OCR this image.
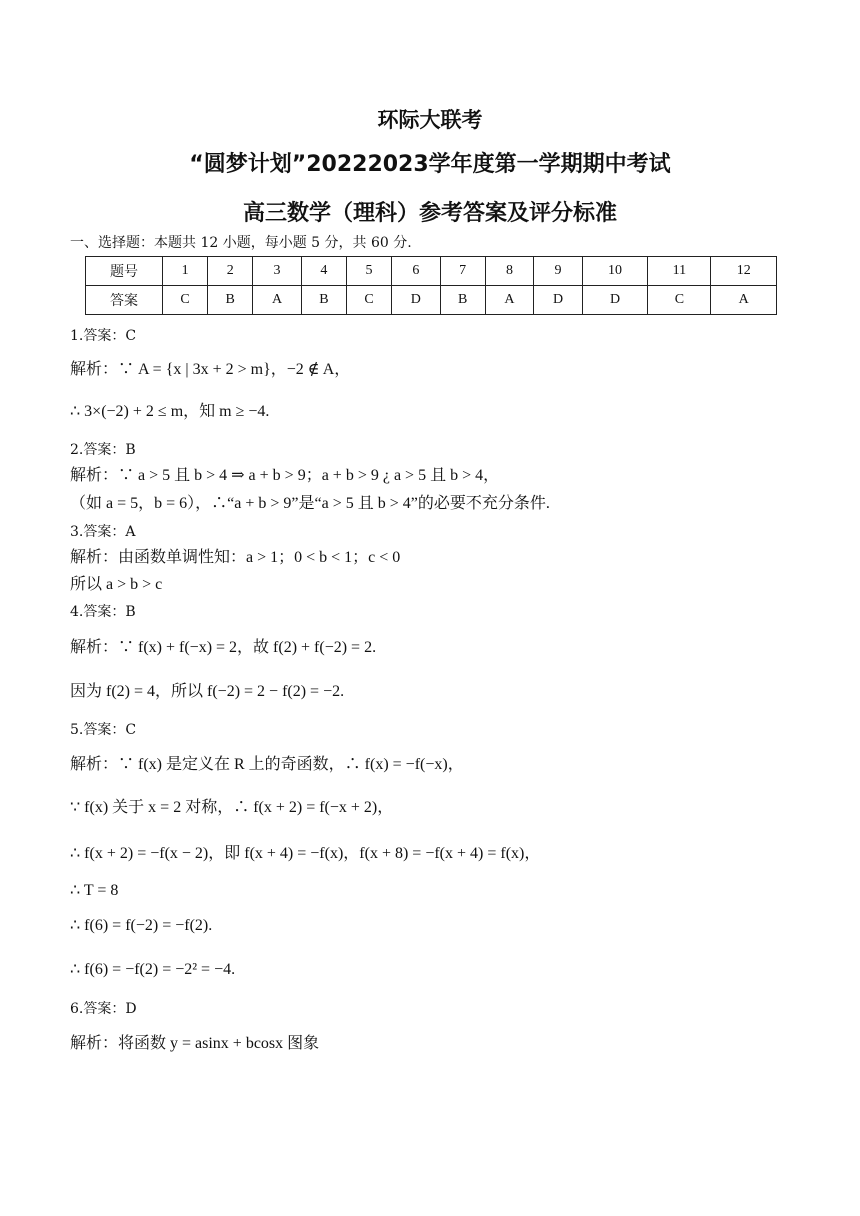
环际大联考
“圆梦计划”20222023学年度第一学期期中考试
高三数学（理科）参考答案及评分标准
一、选择题：本题共 12 小题，每小题 5 分，共 60 分.
题号	1	2	3	4	5	6	7	8	9	10	11	12
答案	C	B	A	B	C	D	B	A	D	D	C	A
1.答案：C
解析：∵ A = {x | 3x + 2 > m}，−2 ∉ A，
∴ 3×(−2) + 2 ≤ m，知 m ≥ −4.
2.答案：B
解析：∵ a > 5 且 b > 4 ⇒ a + b > 9；a + b > 9 ¿ a > 5 且 b > 4，
（如 a = 5，b = 6），∴“a + b > 9”是“a > 5 且 b > 4”的必要不充分条件.
3.答案：A
解析：由函数单调性知：a > 1；0 < b < 1；c < 0
所以 a > b > c
4.答案：B
解析：∵ f(x) + f(−x) = 2，故 f(2) + f(−2) = 2.
因为 f(2) = 4，所以 f(−2) = 2 − f(2) = −2.
5.答案：C
解析：∵ f(x) 是定义在 R 上的奇函数，∴ f(x) = −f(−x)，
∵ f(x) 关于 x = 2 对称，∴ f(x + 2) = f(−x + 2)，
∴ f(x + 2) = −f(x − 2)，即 f(x + 4) = −f(x)，f(x + 8) = −f(x + 4) = f(x)，
∴ T = 8
∴ f(6) = f(−2) = −f(2).
∴ f(6) = −f(2) = −2² = −4.
6.答案：D
解析：将函数 y = asinx + bcosx 图象
